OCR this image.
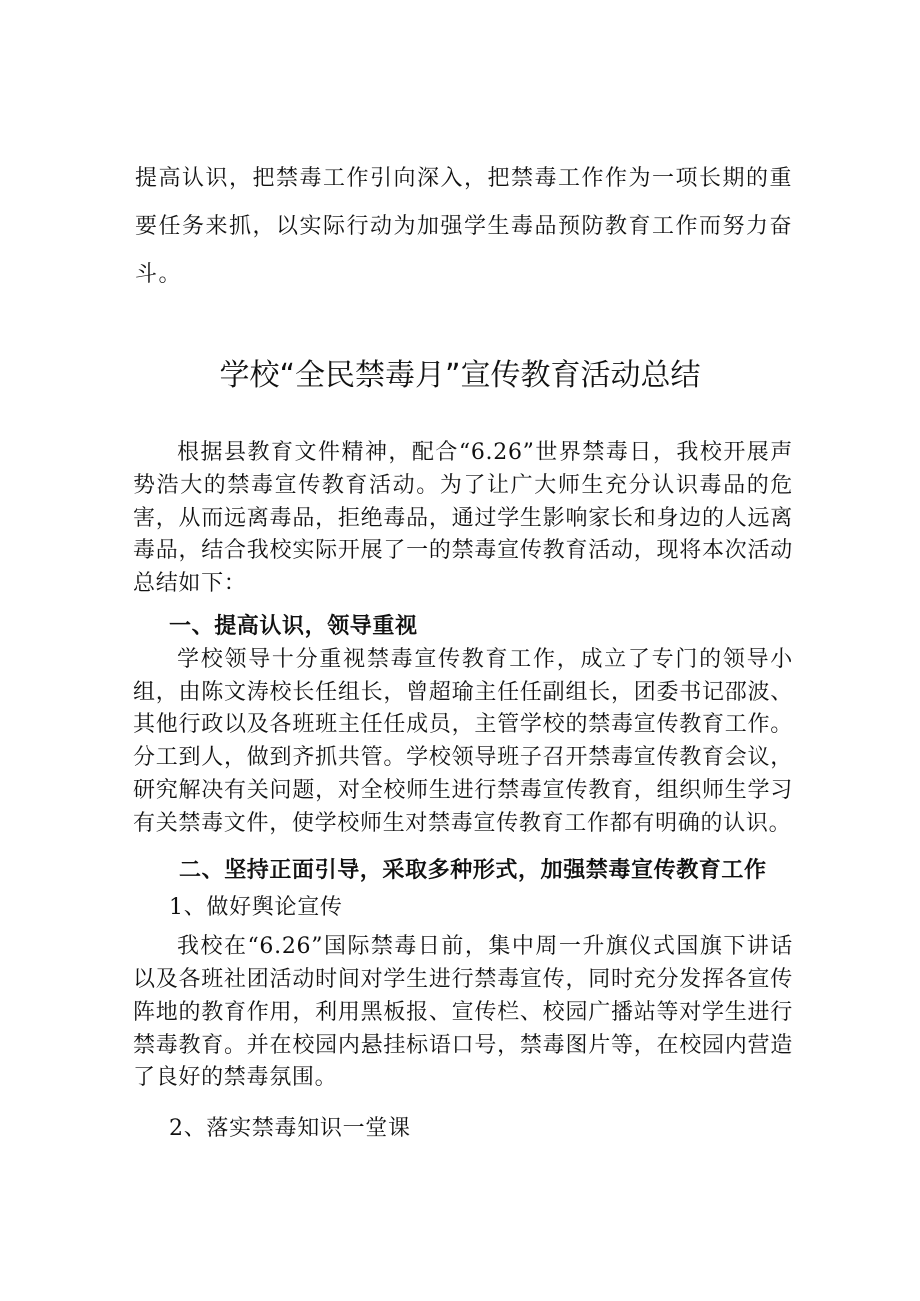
提高认识，把禁毒工作引向深入，把禁毒工作作为一项长期的重要任务来抓，以实际行动为加强学生毒品预防教育工作而努力奋斗。
学校“全民禁毒月”宣传教育活动总结

根据县教育文件精神，配合“6.26”世界禁毒日，我校开展声势浩大的禁毒宣传教育活动。为了让广大师生充分认识毒品的危害，从而远离毒品，拒绝毒品，通过学生影响家长和身边的人远离毒品，结合我校实际开展了一的禁毒宣传教育活动，现将本次活动总结如下：

一、提高认识，领导重视

学校领导十分重视禁毒宣传教育工作，成立了专门的领导小组，由陈文涛校长任组长，曾超瑜主任任副组长，团委书记邵波、其他行政以及各班班主任任成员，主管学校的禁毒宣传教育工作。分工到人，做到齐抓共管。学校领导班子召开禁毒宣传教育会议，研究解决有关问题，对全校师生进行禁毒宣传教育，组织师生学习有关禁毒文件，使学校师生对禁毒宣传教育工作都有明确的认识。

二、坚持正面引导，采取多种形式，加强禁毒宣传教育工作
1、做好舆论宣传

我校在“6.26”国际禁毒日前，集中周一升旗仪式国旗下讲话以及各班社团活动时间对学生进行禁毒宣传，同时充分发挥各宣传阵地的教育作用，利用黑板报、宣传栏、校园广播站等对学生进行禁毒教育。并在校园内悬挂标语口号，禁毒图片等，在校园内营造了良好的禁毒氛围。

2、落实禁毒知识一堂课
